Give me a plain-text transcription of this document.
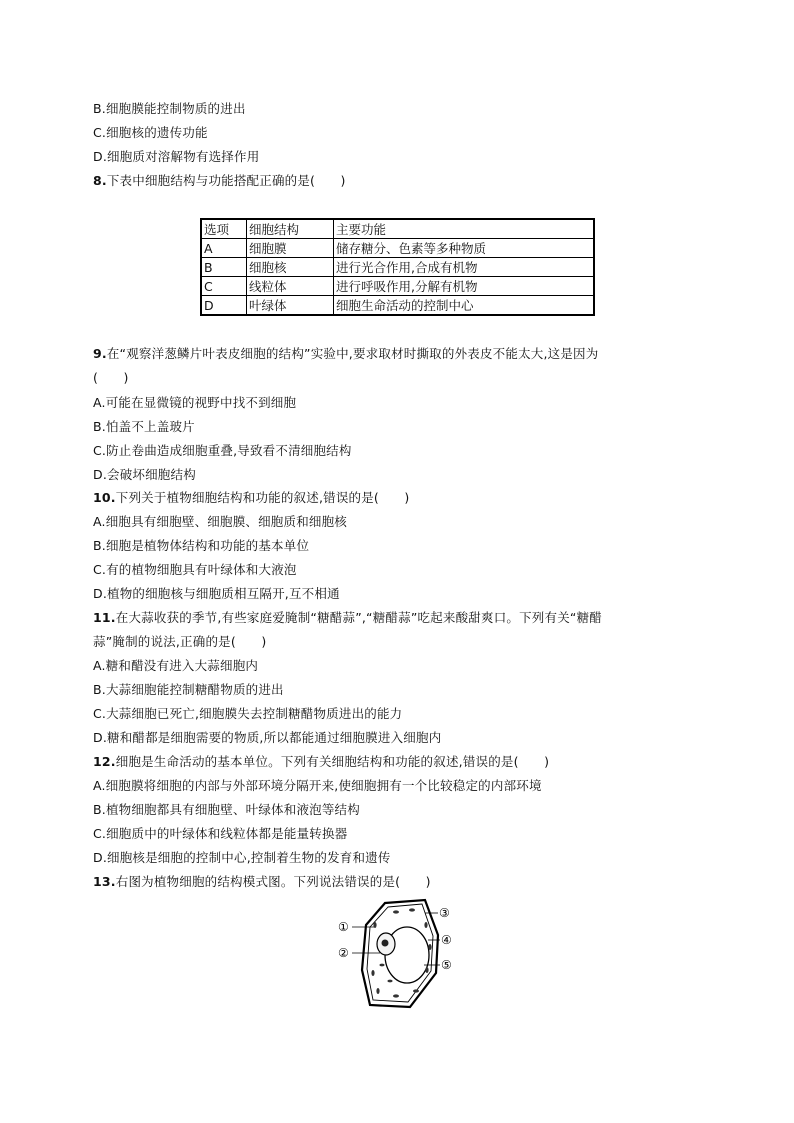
B.细胞膜能控制物质的进出
C.细胞核的遗传功能
D.细胞质对溶解物有选择作用
8.下表中细胞结构与功能搭配正确的是(　　)
选项	细胞结构	主要功能
A	细胞膜	储存糖分、色素等多种物质
B	细胞核	进行光合作用,合成有机物
C	线粒体	进行呼吸作用,分解有机物
D	叶绿体	细胞生命活动的控制中心
9.在“观察洋葱鳞片叶表皮细胞的结构”实验中,要求取材时撕取的外表皮不能太大,这是因为
(　　)
A.可能在显微镜的视野中找不到细胞
B.怕盖不上盖玻片
C.防止卷曲造成细胞重叠,导致看不清细胞结构
D.会破坏细胞结构
10.下列关于植物细胞结构和功能的叙述,错误的是(　　)
A.细胞具有细胞壁、细胞膜、细胞质和细胞核
B.细胞是植物体结构和功能的基本单位
C.有的植物细胞具有叶绿体和大液泡
D.植物的细胞核与细胞质相互隔开,互不相通
11.在大蒜收获的季节,有些家庭爱腌制“糖醋蒜”,“糖醋蒜”吃起来酸甜爽口。下列有关“糖醋
蒜”腌制的说法,正确的是(　　)
A.糖和醋没有进入大蒜细胞内
B.大蒜细胞能控制糖醋物质的进出
C.大蒜细胞已死亡,细胞膜失去控制糖醋物质进出的能力
D.糖和醋都是细胞需要的物质,所以都能通过细胞膜进入细胞内
12.细胞是生命活动的基本单位。下列有关细胞结构和功能的叙述,错误的是(　　)
A.细胞膜将细胞的内部与外部环境分隔开来,使细胞拥有一个比较稳定的内部环境
B.植物细胞都具有细胞壁、叶绿体和液泡等结构
C.细胞质中的叶绿体和线粒体都是能量转换器
D.细胞核是细胞的控制中心,控制着生物的发育和遗传
13.右图为植物细胞的结构模式图。下列说法错误的是(　　)
①
②
③
④
⑤
